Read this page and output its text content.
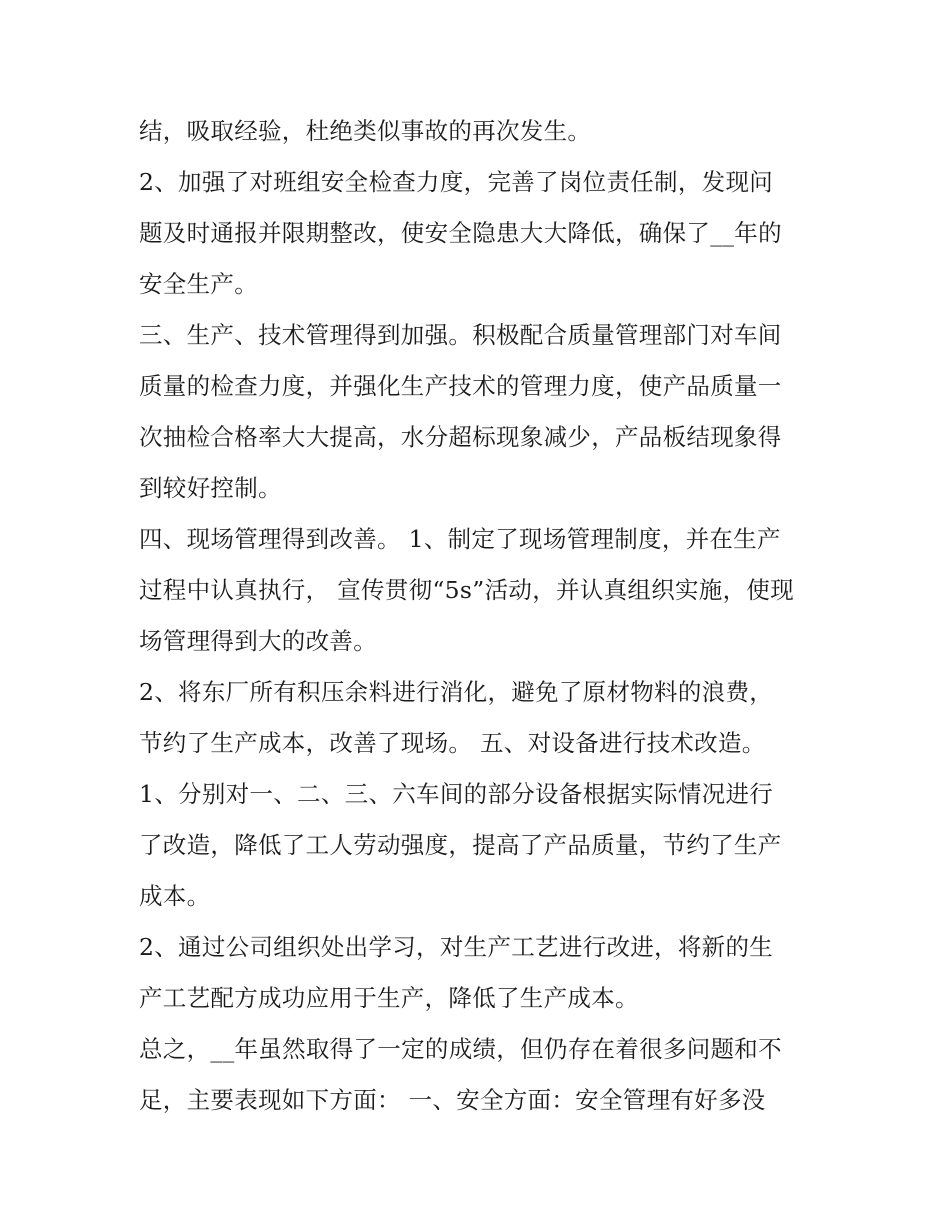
结，吸取经验，杜绝类似事故的再次发生。
2、加强了对班组安全检查力度，完善了岗位责任制，发现问
题及时通报并限期整改，使安全隐患大大降低，确保了__年的
安全生产。
三、生产、技术管理得到加强。积极配合质量管理部门对车间
质量的检查力度，并强化生产技术的管理力度，使产品质量一
次抽检合格率大大提高，水分超标现象减少，产品板结现象得
到较好控制。
四、现场管理得到改善。 1、制定了现场管理制度，并在生产
过程中认真执行， 宣传贯彻“5s”活动，并认真组织实施，使现
场管理得到大的改善。
2、将东厂所有积压余料进行消化，避免了原材物料的浪费，
节约了生产成本，改善了现场。 五、对设备进行技术改造。
1、分别对一、二、三、六车间的部分设备根据实际情况进行
了改造，降低了工人劳动强度，提高了产品质量，节约了生产
成本。
2、通过公司组织处出学习，对生产工艺进行改进，将新的生
产工艺配方成功应用于生产，降低了生产成本。
总之，__年虽然取得了一定的成绩，但仍存在着很多问题和不
足，主要表现如下方面： 一、安全方面：安全管理有好多没
